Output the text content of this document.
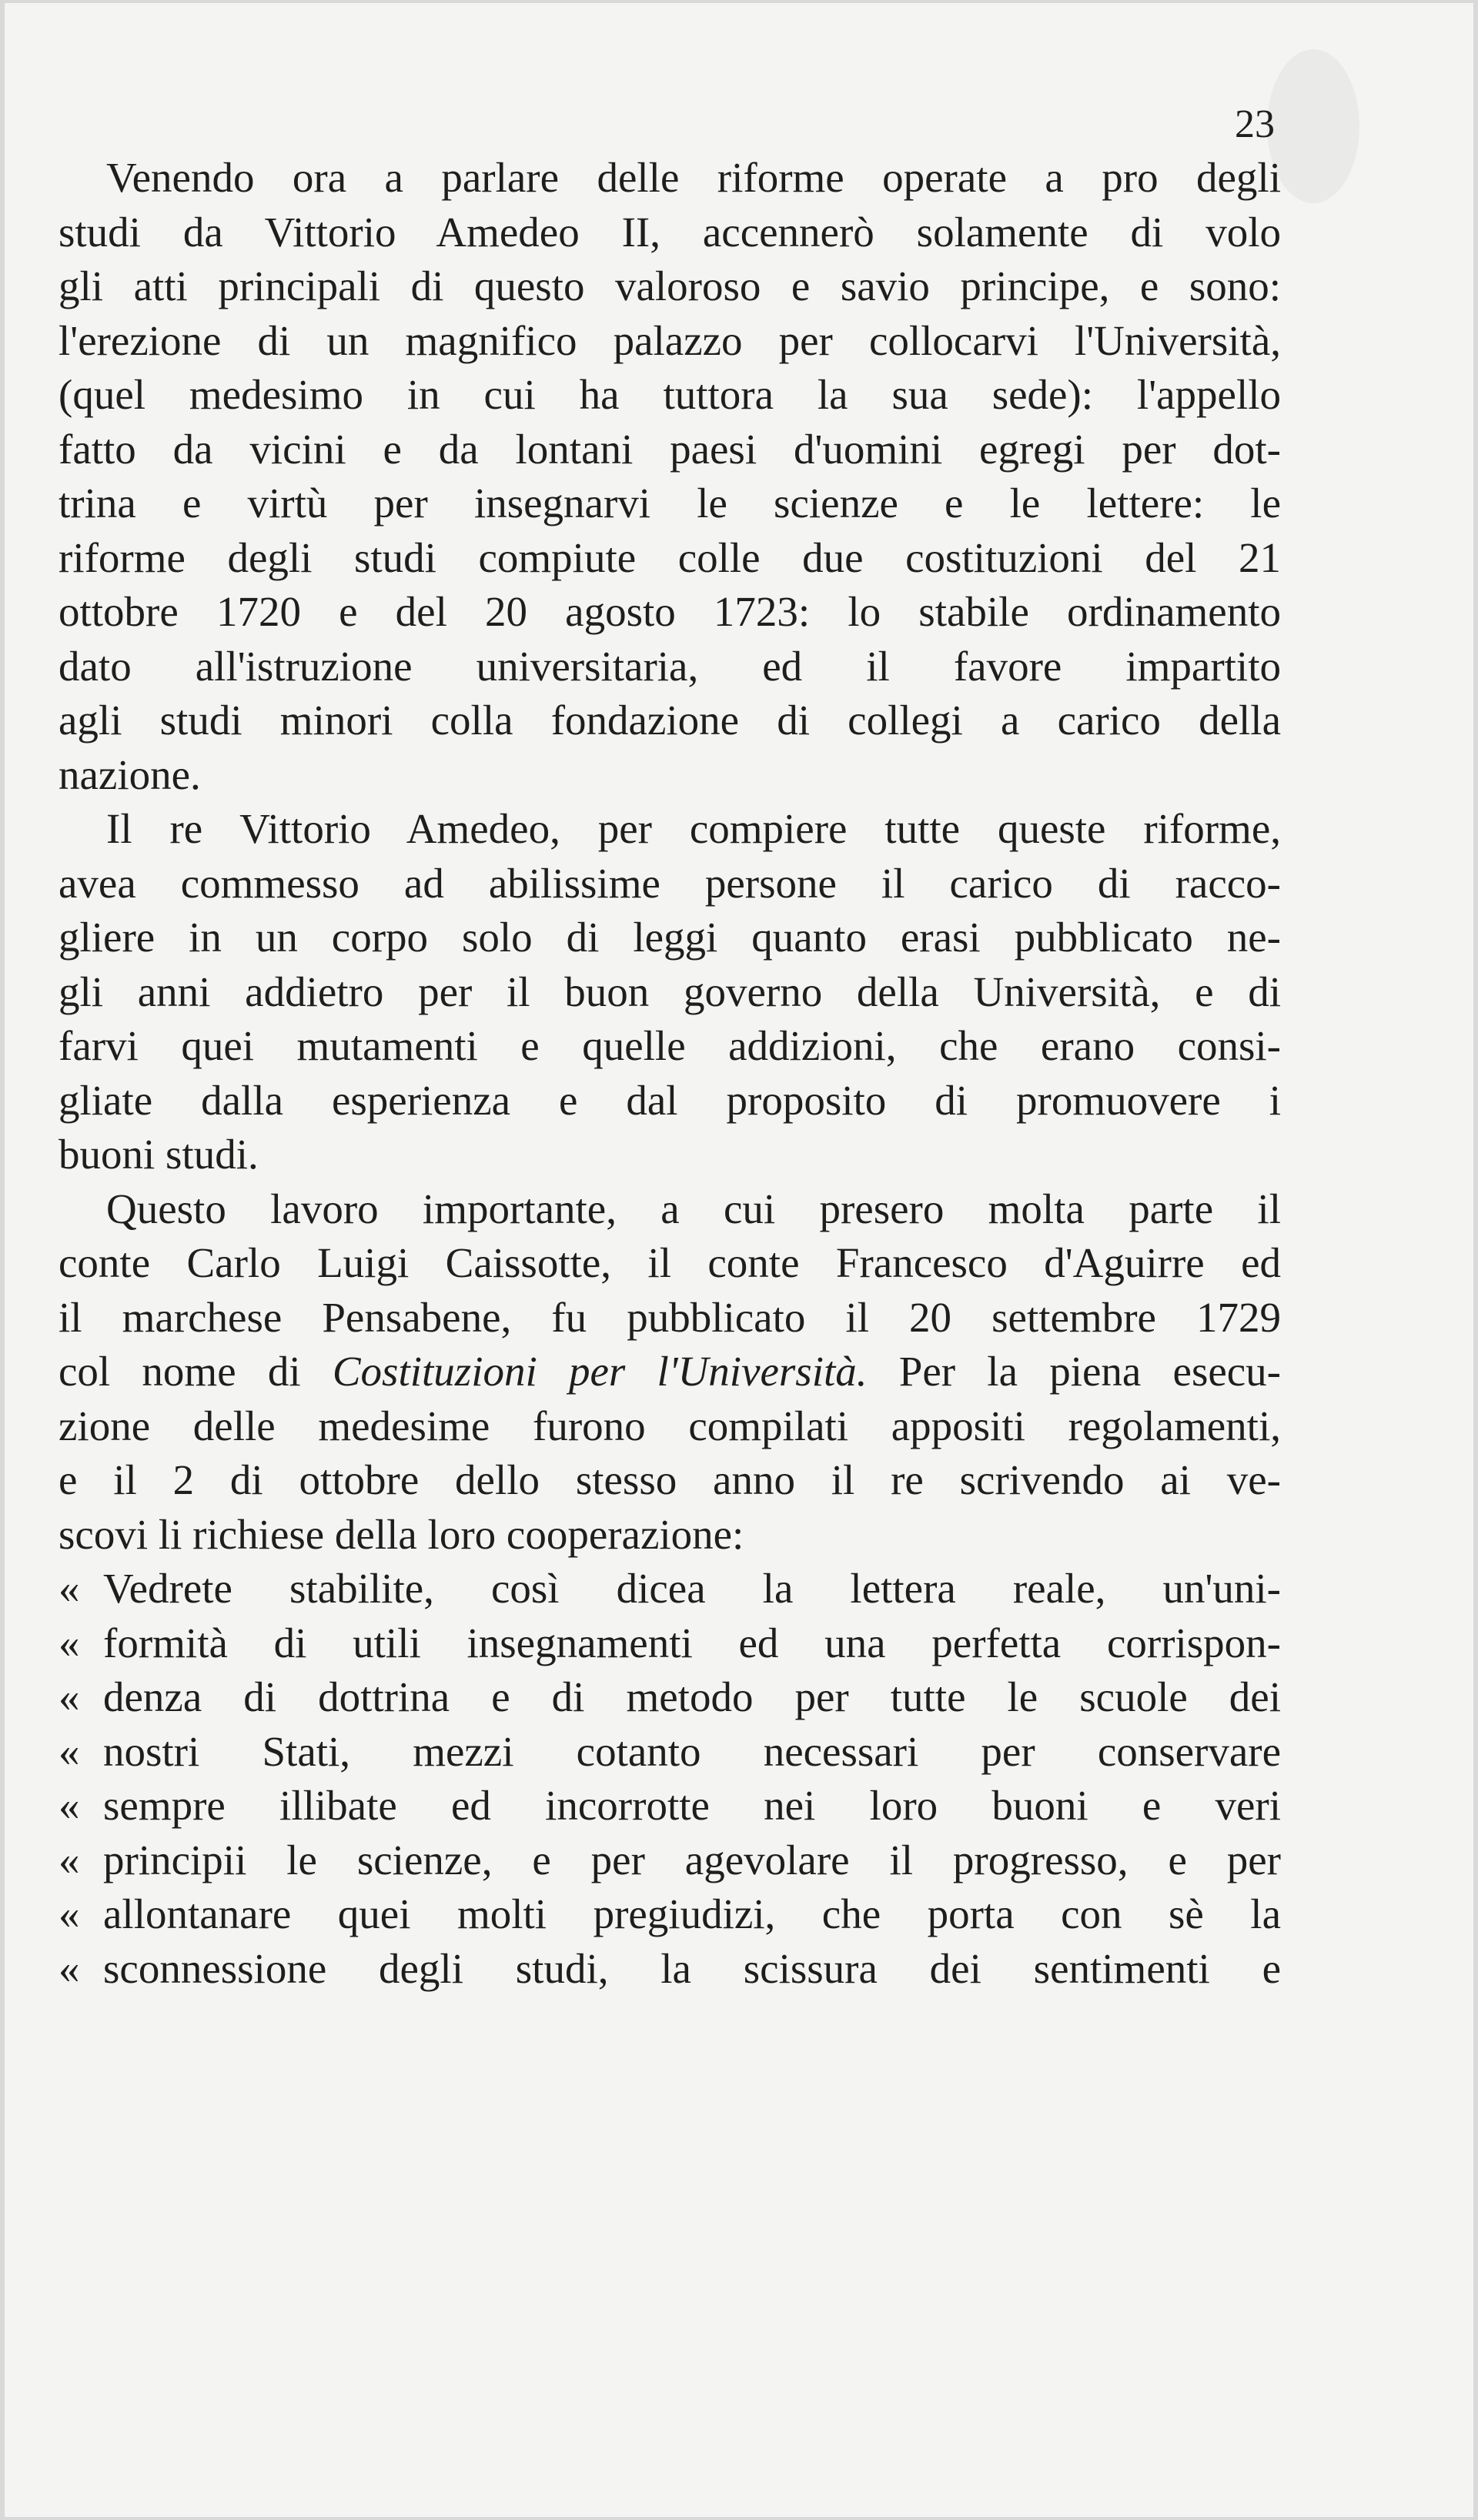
23
Venendo ora a parlare delle riforme operate a pro degli
studi da Vittorio Amedeo II, accennerò solamente di volo
gli atti principali di questo valoroso e savio principe, e sono:
l'erezione di un magnifico palazzo per collocarvi l'Università,
(quel medesimo in cui ha tuttora la sua sede): l'appello
fatto da vicini e da lontani paesi d'uomini egregi per dot-
trina e virtù per insegnarvi le scienze e le lettere: le
riforme degli studi compiute colle due costituzioni del 21
ottobre 1720 e del 20 agosto 1723: lo stabile ordinamento
dato all'istruzione universitaria, ed il favore impartito
agli studi minori colla fondazione di collegi a carico della
nazione.
Il re Vittorio Amedeo, per compiere tutte queste riforme,
avea commesso ad abilissime persone il carico di racco-
gliere in un corpo solo di leggi quanto erasi pubblicato ne-
gli anni addietro per il buon governo della Università, e di
farvi quei mutamenti e quelle addizioni, che erano consi-
gliate dalla esperienza e dal proposito di promuovere i
buoni studi.
Questo lavoro importante, a cui presero molta parte il
conte Carlo Luigi Caissotte, il conte Francesco d'Aguirre ed
il marchese Pensabene, fu pubblicato il 20 settembre 1729
col nome di Costituzioni per l'Università. Per la piena esecu-
zione delle medesime furono compilati appositi regolamenti,
e il 2 di ottobre dello stesso anno il re scrivendo ai ve-
scovi li richiese della loro cooperazione:
« Vedrete stabilite, così dicea la lettera reale, un'uni-
« formità di utili insegnamenti ed una perfetta corrispon-
« denza di dottrina e di metodo per tutte le scuole dei
« nostri Stati, mezzi cotanto necessari per conservare
« sempre illibate ed incorrotte nei loro buoni e veri
« principii le scienze, e per agevolare il progresso, e per
« allontanare quei molti pregiudizi, che porta con sè la
« sconnessione degli studi, la scissura dei sentimenti e
